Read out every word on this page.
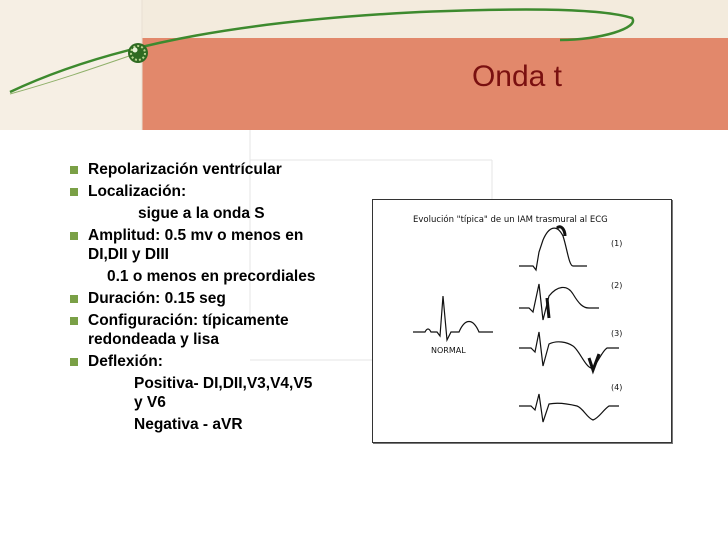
Onda t
Repolarización ventrícular
Localización:
sigue a la onda S
Amplitud: 0.5 mv o menos en
DI,DII y DIII
0.1 o menos en precordiales
Duración: 0.15 seg
Configuración: típicamente
redondeada y lisa
Deflexión:
Positiva- DI,DII,V3,V4,V5
y V6
Negativa - aVR
Evolución "típica" de un IAM trasmural al ECG
NORMAL
(1)
(2)
(3)
(4)
